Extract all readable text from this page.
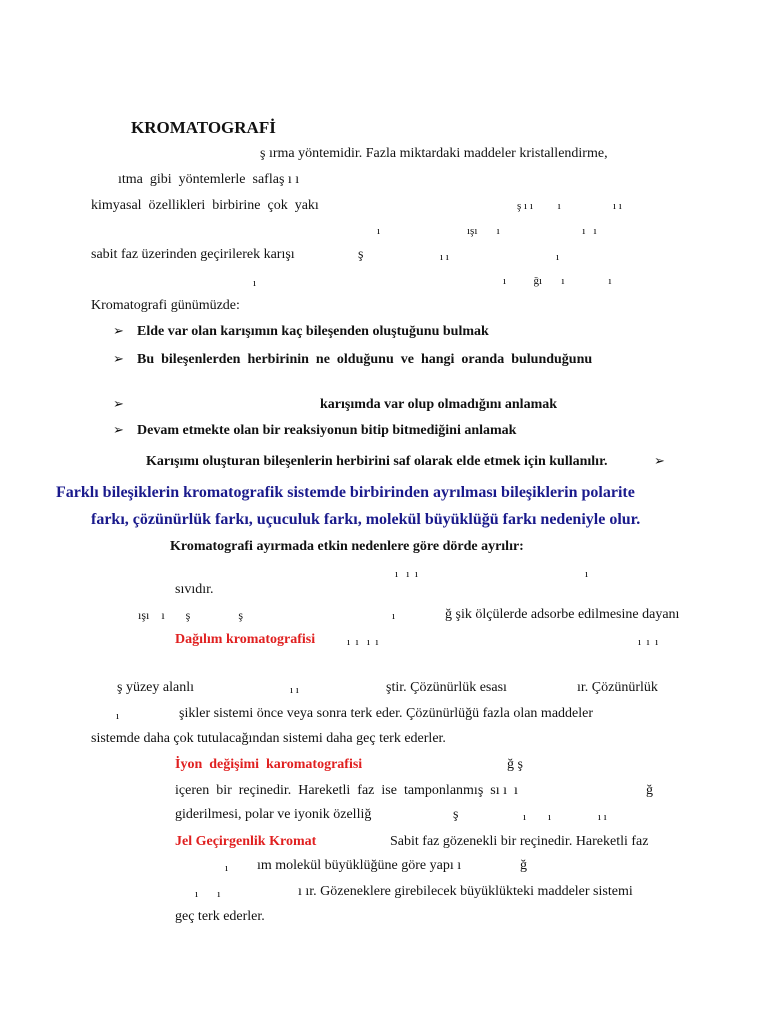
KROMATOGRAFİ
ş ırma yöntemidir. Fazla miktardaki maddeler kristallendirme,
ıtma  gibi  yöntemlerle  saflaş ı ı
kimyasal  özellikleri  birbirine  çok  yakı	ş ı ı         ı                   ı ı
ı	ışı       ı                              ı   ı
sabit faz üzerinden geçirilerek karışı	ş	ı ı	ı
ı	ı          ğı       ı                ı
Kromatografi günümüzde:
➢ Elde var olan karışımın kaç bileşenden oluştuğunu bulmak
➢ Bu  bileşenlerden  herbirinin  ne  olduğunu  ve  hangi  oranda  bulunduğunu
➢	karışımda var olup olmadığını anlamak
➢ Devam etmekte olan bir reaksiyonun bitip bitmediğini anlamak
Karışımı oluşturan bileşenlerin herbirini saf olarak elde etmek için kullanılır.	➢
Farklı bileşiklerin kromatografik sistemde birbirinden ayrılması bileşiklerin polarite
farkı, çözünürlük farkı, uçuculuk farkı, molekül büyüklüğü farkı nedeniyle olur.
Kromatografi ayırmada etkin nedenlere göre dörde ayrılır:
ı   ı  ı	ı
sıvıdır.
ışı    ı       ş                ş	ı	ğ şik ölçülerde adsorbe edilmesine dayanı
Dağılım kromatografisi	ı  ı   ı  ı	ı  ı  ı
ş yüzey alanlı	ı ı	ştir. Çözünürlük esası	ır. Çözünürlük
ı	şikler sistemi önce veya sonra terk eder. Çözünürlüğü fazla olan maddeler
sistemde daha çok tutulacağından sistemi daha geç terk ederler.
İyon  değişimi  karomatografisi	ğ ş
içeren  bir  reçinedir.  Hareketli  faz  ise  tamponlanmış  sı ı  ı	ğ
giderilmesi, polar ve iyonik özelliğ	ş	ı        ı                 ı ı
Jel Geçirgenlik Kromat	Sabit faz gözenekli bir reçinedir. Hareketli faz
ı ım molekül büyüklüğüne göre yapı ı	ğ
ı       ı	ı ır. Gözeneklere girebilecek büyüklükteki maddeler sistemi
geç terk ederler.
